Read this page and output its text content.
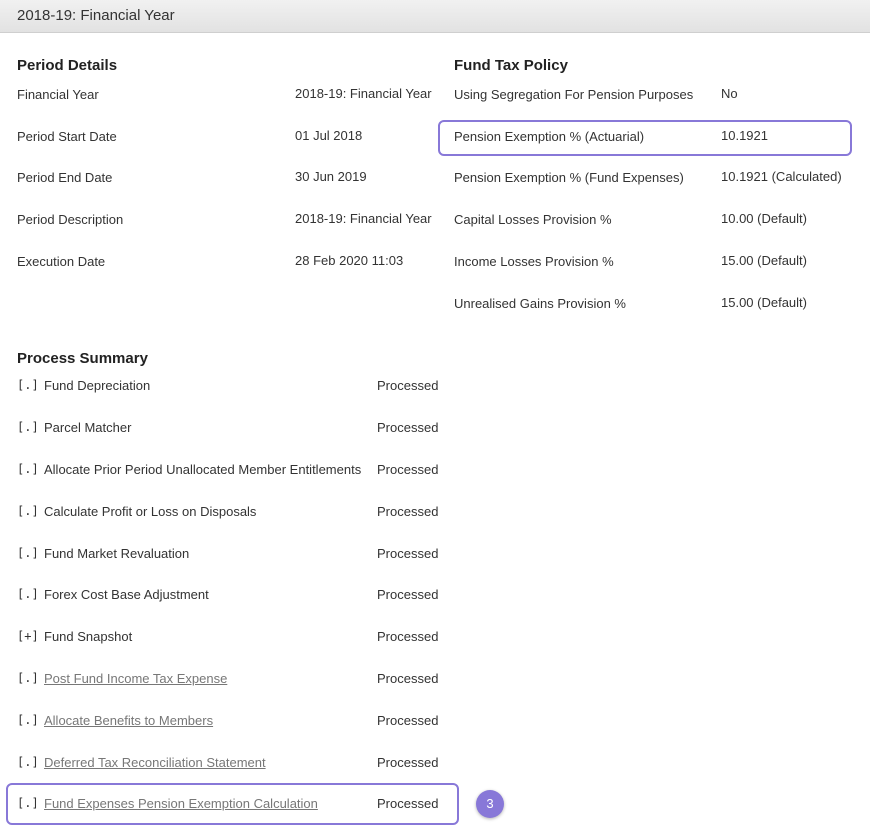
2018-19: Financial Year
Period Details
Financial Year	2018-19: Financial Year
Period Start Date	01 Jul 2018
Period End Date	30 Jun 2019
Period Description	2018-19: Financial Year
Execution Date	28 Feb 2020 11:03
Fund Tax Policy
Using Segregation For Pension Purposes No
Pension Exemption % (Actuarial)	10.1921
Pension Exemption % (Fund Expenses)	10.1921 (Calculated)
Capital Losses Provision %	10.00 (Default)
Income Losses Provision %	15.00 (Default)
Unrealised Gains Provision %	15.00 (Default)
Process Summary
[.] Fund Depreciation	Processed
[.] Parcel Matcher	Processed
[.] Allocate Prior Period Unallocated Member Entitlements Processed
[.] Calculate Profit or Loss on Disposals	Processed
[.] Fund Market Revaluation	Processed
[.] Forex Cost Base Adjustment	Processed
[+] Fund Snapshot	Processed
[.] Post Fund Income Tax Expense	Processed
[.] Allocate Benefits to Members	Processed
[.] Deferred Tax Reconciliation Statement	Processed
[.] Fund Expenses Pension Exemption Calculation	Processed	3
